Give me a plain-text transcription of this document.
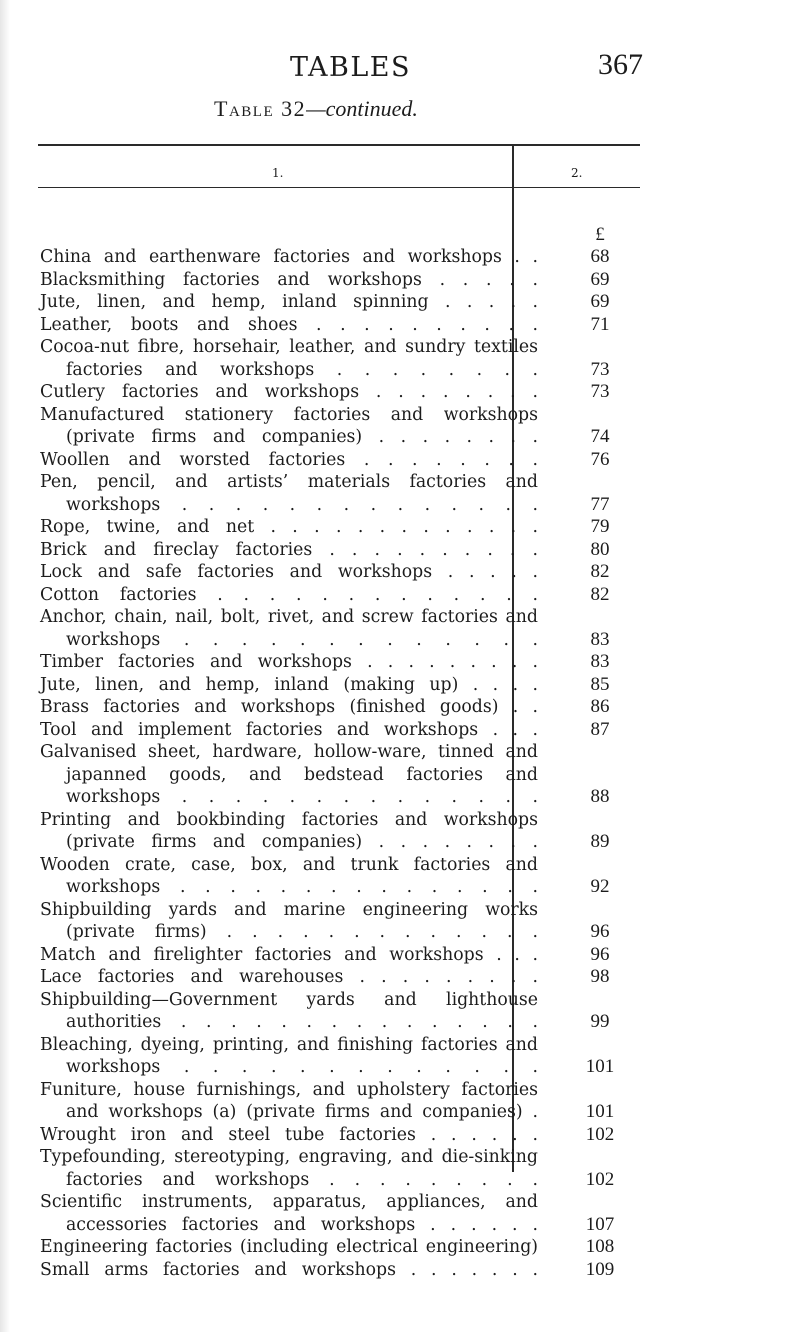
TABLES	367
Table 32—continued.
1.	2.
£

China and earthenware factories and workshops . .	68

Blacksmithing factories and workshops . . . . .	69

Jute, linen, and hemp, inland spinning . . . . .	69

Leather, boots and shoes . . . . . . . . . .	71

Cocoa-nut fibre, horsehair, leather, and sundry textiles factories and workshops . . . . . . . .	73

Cutlery factories and workshops . . . . . . . .	73

Manufactured stationery factories and workshops (private firms and companies) . . . . . . . .	74

Woollen and worsted factories . . . . . . . .	76

Pen, pencil, and artists’ materials factories and workshops . . . . . . . . . . . . . .	77

Rope, twine, and net . . . . . . . . . . . . .	79

Brick and fireclay factories . . . . . . . . . .	80

Lock and safe factories and workshops . . . . .	82

Cotton factories . . . . . . . . . . . . .	82

Anchor, chain, nail, bolt, rivet, and screw factories and workshops . . . . . . . . . . . . .	83

Timber factories and workshops . . . . . . . . .	83

Jute, linen, and hemp, inland (making up) . . . .	85

Brass factories and workshops (finished goods) . .	86

Tool and implement factories and workshops . . .	87

Galvanised sheet, hardware, hollow-ware, tinned and japanned goods, and bedstead factories and workshops . . . . . . . . . . . . . .	88

Printing and bookbinding factories and workshops (private firms and companies) . . . . . . . .	89

Wooden crate, case, box, and trunk factories and workshops . . . . . . . . . . . . . . .	92

Shipbuilding yards and marine engineering works (private firms) . . . . . . . . . . . . .	96

Match and firelighter factories and workshops . . .	96

Lace factories and warehouses . . . . . . . . .	98

Shipbuilding—Government yards and lighthouse authorities . . . . . . . . . . . . . . .	99

Bleaching, dyeing, printing, and finishing factories and workshops . . . . . . . . . . . . .	101

Funiture, house furnishings, and upholstery factories and workshops (a) (private firms and companies) .	101

Wrought iron and steel tube factories . . . . . .	102

Typefounding, stereotyping, engraving, and die-sinking factories and workshops . . . . . . . . .	102

Scientific instruments, apparatus, appliances, and accessories factories and workshops . . . . . .	107

Engineering factories (including electrical engineering)	108

Small arms factories and workshops . . . . . . .	109
